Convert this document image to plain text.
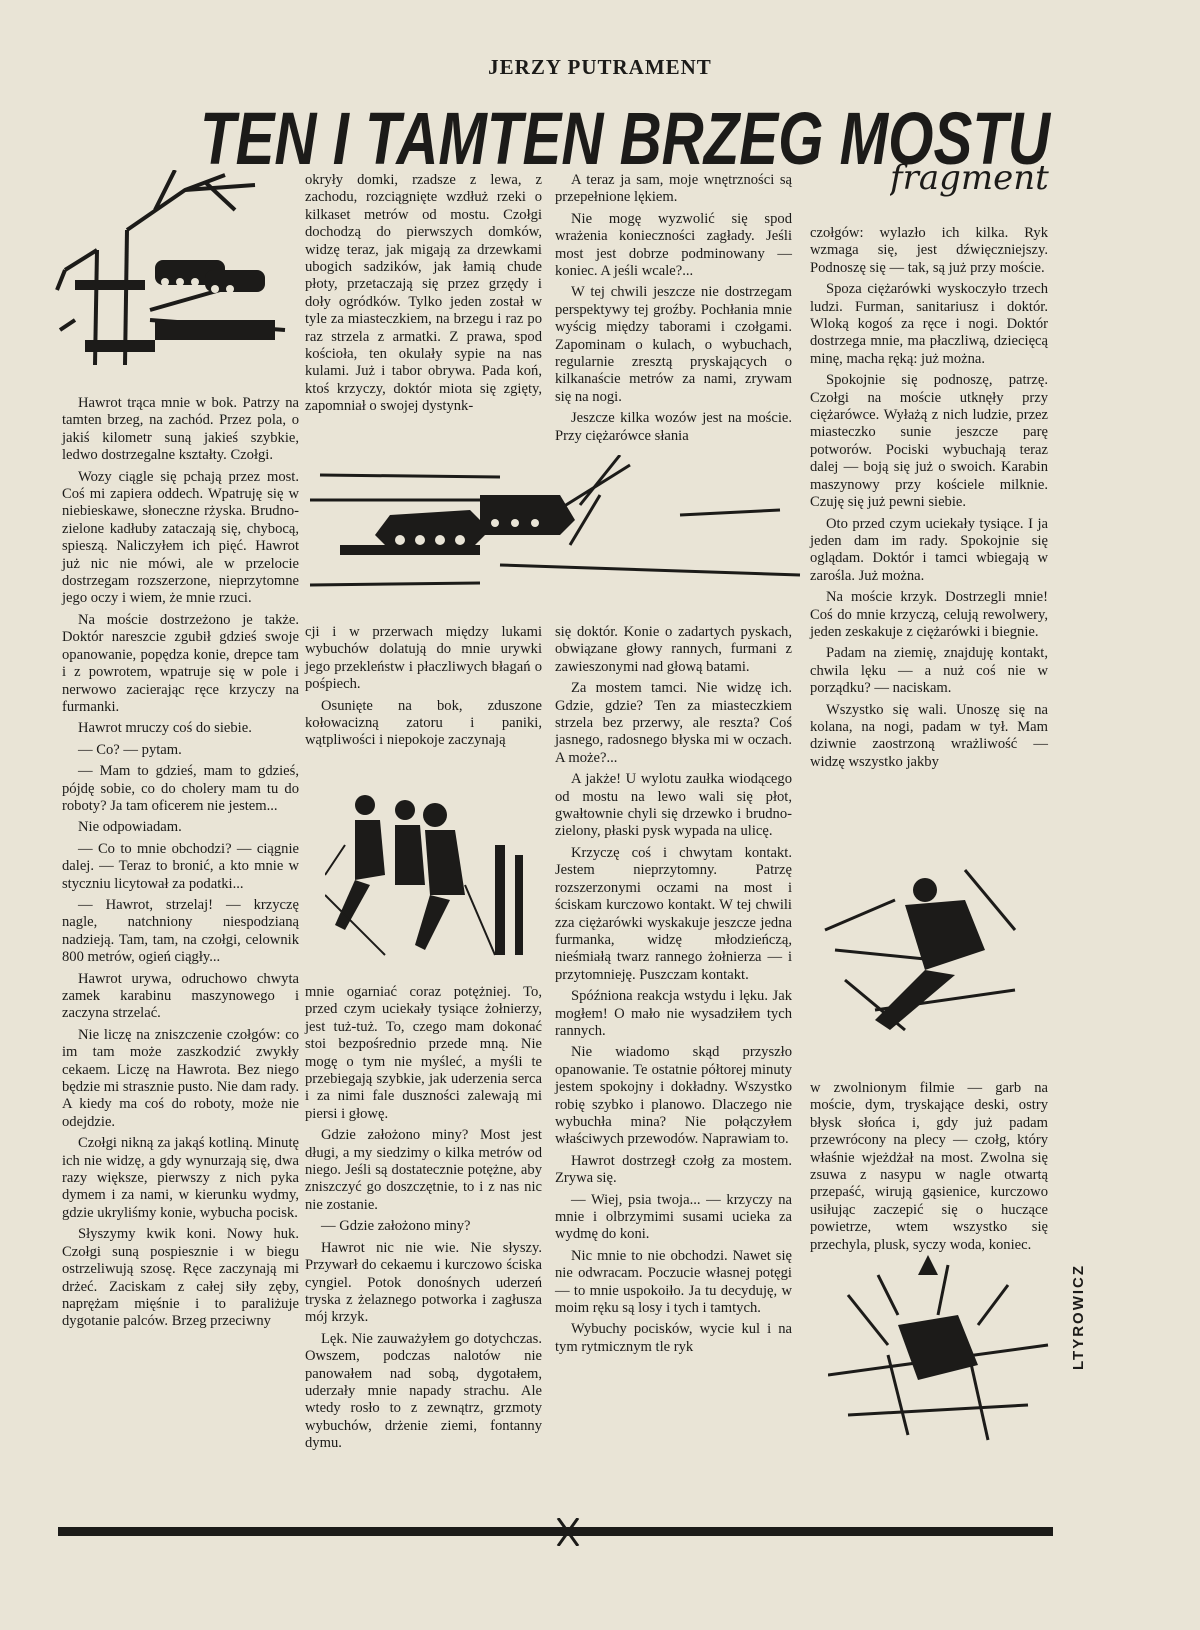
JERZY PUTRAMENT
TEN I TAMTEN BRZEG MOSTU
fragment
LTYROWICZ

Hawrot trąca mnie w bok. Patrzy na tamten brzeg, na zachód. Przez pola, o jakiś kilometr suną jakieś szybkie, ledwo dostrzegalne kształty. Czołgi.

Wozy ciągle się pchają przez most. Coś mi zapiera oddech. Wpatruję się w niebieskawe, słoneczne rżyska. Brudno-zielone kadłuby zataczają się, chybocą, spieszą. Naliczyłem ich pięć. Hawrot już nic nie mówi, ale w przelocie dostrzegam rozszerzone, nieprzytomne jego oczy i wiem, że mnie rzuci.

Na moście dostrzeżono je także. Doktór nareszcie zgubił gdzieś swoje opanowanie, popędza konie, drepce tam i z powrotem, wpatruje się w pole i nerwowo zacierając ręce krzyczy na furmanki.

Hawrot mruczy coś do siebie.

— Co? — pytam.

— Mam to gdzieś, mam to gdzieś, pójdę sobie, co do cholery mam tu do roboty? Ja tam oficerem nie jestem...

Nie odpowiadam.

— Co to mnie obchodzi? — ciągnie dalej. — Teraz to bronić, a kto mnie w styczniu licytował za podatki...

— Hawrot, strzelaj! — krzyczę nagle, natchniony niespodzianą nadzieją. Tam, tam, na czołgi, celownik 800 metrów, ogień ciągły...

Hawrot urywa, odruchowo chwyta zamek karabinu maszynowego i zaczyna strzelać.

Nie liczę na zniszczenie czołgów: co im tam może zaszkodzić zwykły cekaem. Liczę na Hawrota. Bez niego będzie mi strasznie pusto. Nie dam rady. A kiedy ma coś do roboty, może nie odejdzie.

Czołgi nikną za jakąś kotliną. Minutę ich nie widzę, a gdy wynurzają się, dwa razy większe, pierwszy z nich pyka dymem i za nami, w kierunku wydmy, gdzie ukryliśmy konie, wybucha pocisk.

Słyszymy kwik koni. Nowy huk. Czołgi suną pospiesznie i w biegu ostrzeliwują szosę. Ręce zaczynają mi drżeć. Zaciskam z całej siły zęby, naprężam mięśnie i to paraliżuje dygotanie palców. Brzeg przeciwny

okryły domki, rzadsze z lewa, z zachodu, rozciągnięte wzdłuż rzeki o kilkaset metrów od mostu. Czołgi dochodzą do pierwszych domków, widzę teraz, jak migają za drzewkami ubogich sadzików, jak łamią chude płoty, przetaczają się przez grzędy i doły ogródków. Tylko jeden został w tyle za miasteczkiem, na brzegu i raz po raz strzela z armatki. Z prawa, spod kościoła, ten okulały sypie na nas kulami. Już i tabor obrywa. Pada koń, ktoś krzyczy, doktór miota się zgięty, zapomniał o swojej dystynk-

A teraz ja sam, moje wnętrzności są przepełnione lękiem.

Nie mogę wyzwolić się spod wrażenia konieczności zagłady. Jeśli most jest dobrze podminowany — koniec. A jeśli wcale?...

W tej chwili jeszcze nie dostrzegam perspektywy tej groźby. Pochłania mnie wyścig między taborami i czołgami. Zapominam o kulach, o wybuchach, regularnie zresztą pryskających o kilkanaście metrów za nami, zrywam się na nogi.

Jeszcze kilka wozów jest na moście. Przy ciężarówce słania

czołgów: wylazło ich kilka. Ryk wzmaga się, jest dźwięczniejszy. Podnoszę się — tak, są już przy moście.

Spoza ciężarówki wyskoczyło trzech ludzi. Furman, sanitariusz i doktór. Wloką kogoś za ręce i nogi. Doktór dostrzega mnie, ma płaczliwą, dziecięcą minę, macha ręką: już można.

Spokojnie się podnoszę, patrzę. Czołgi na moście utknęły przy ciężarówce. Wyłażą z nich ludzie, przez miasteczko sunie jeszcze parę potworów. Pociski wybuchają teraz dalej — boją się już o swoich. Karabin maszynowy przy kościele milknie. Czuję się już pewni siebie.

Oto przed czym uciekały tysiące. I ja jeden dam im rady. Spokojnie się oglądam. Doktór i tamci wbiegają w zarośla. Już można.

Na moście krzyk. Dostrzegli mnie! Coś do mnie krzyczą, celują rewolwery, jeden zeskakuje z ciężarówki i biegnie.

Padam na ziemię, znajduję kontakt, chwila lęku — a nuż coś nie w porządku? — naciskam.

Wszystko się wali. Unoszę się na kolana, na nogi, padam w tył. Mam dziwnie zaostrzoną wrażliwość — widzę wszystko jakby

cji i w przerwach między lukami wybuchów dolatują do mnie urywki jego przekleństw i płaczliwych błagań o pośpiech.

Osunięte na bok, zduszone kołowacizną zatoru i paniki, wątpliwości i niepokoje zaczynają

się doktór. Konie o zadartych pyskach, obwiązane głowy rannych, furmani z zawieszonymi nad głową batami.

Za mostem tamci. Nie widzę ich. Gdzie, gdzie? Ten za miasteczkiem strzela bez przerwy, ale reszta? Coś jasnego, radosnego błyska mi w oczach. A może?...

A jakże! U wylotu zaułka wiodącego od mostu na lewo wali się płot, gwałtownie chyli się drzewko i brudno-zielony, płaski pysk wypada na ulicę.

Krzyczę coś i chwytam kontakt. Jestem nieprzytomny. Patrzę rozszerzonymi oczami na most i ściskam kurczowo kontakt. W tej chwili zza ciężarówki wyskakuje jeszcze jedna furmanka, widzę młodzieńczą, nieśmiałą twarz rannego żołnierza — i przytomnieję. Puszczam kontakt.

Spóźniona reakcja wstydu i lęku. Jak mogłem! O mało nie wysadziłem tych rannych.

Nie wiadomo skąd przyszło opanowanie. Te ostatnie półtorej minuty jestem spokojny i dokładny. Wszystko robię szybko i planowo. Dlaczego nie wybuchła mina? Nie połączyłem właściwych przewodów. Naprawiam to.

Hawrot dostrzegł czołg za mostem. Zrywa się.

— Wiej, psia twoja... — krzyczy na mnie i olbrzymimi susami ucieka za wydmę do koni.

Nic mnie to nie obchodzi. Nawet się nie odwracam. Poczucie własnej potęgi — to mnie uspokoiło. Ja tu decyduję, w moim ręku są losy i tych i tamtych.

Wybuchy pocisków, wycie kul i na tym rytmicznym tle ryk

mnie ogarniać coraz potężniej. To, przed czym uciekały tysiące żołnierzy, jest tuż-tuż. To, czego mam dokonać stoi bezpośrednio przede mną. Nie mogę o tym nie myśleć, a myśli te przebiegają szybkie, jak uderzenia serca i za nimi fale duszności zalewają mi piersi i głowę.

Gdzie założono miny? Most jest długi, a my siedzimy o kilka metrów od niego. Jeśli są dostatecznie potężne, aby zniszczyć go doszczętnie, to i z nas nic nie zostanie.

— Gdzie założono miny?

Hawrot nic nie wie. Nie słyszy. Przywarł do cekaemu i kurczowo ściska cyngiel. Potok donośnych uderzeń tryska z żelaznego potworka i zagłusza mój krzyk.

Lęk. Nie zauważyłem go dotychczas. Owszem, podczas nalotów nie panowałem nad sobą, dygotałem, uderzały mnie napady strachu. Ale wtedy rosło to z zewnątrz, grzmoty wybuchów, drżenie ziemi, fontanny dymu.

w zwolnionym filmie — garb na moście, dym, tryskające deski, ostry błysk słońca i, gdy już padam przewrócony na plecy — czołg, który właśnie wjeżdżał na most. Zwolna się zsuwa z nasypu w nagle otwartą przepaść, wirują gąsienice, kurczowo usiłując zaczepić się o huczące powietrze, wtem wszystko się przechyla, plusk, syczy woda, koniec.
